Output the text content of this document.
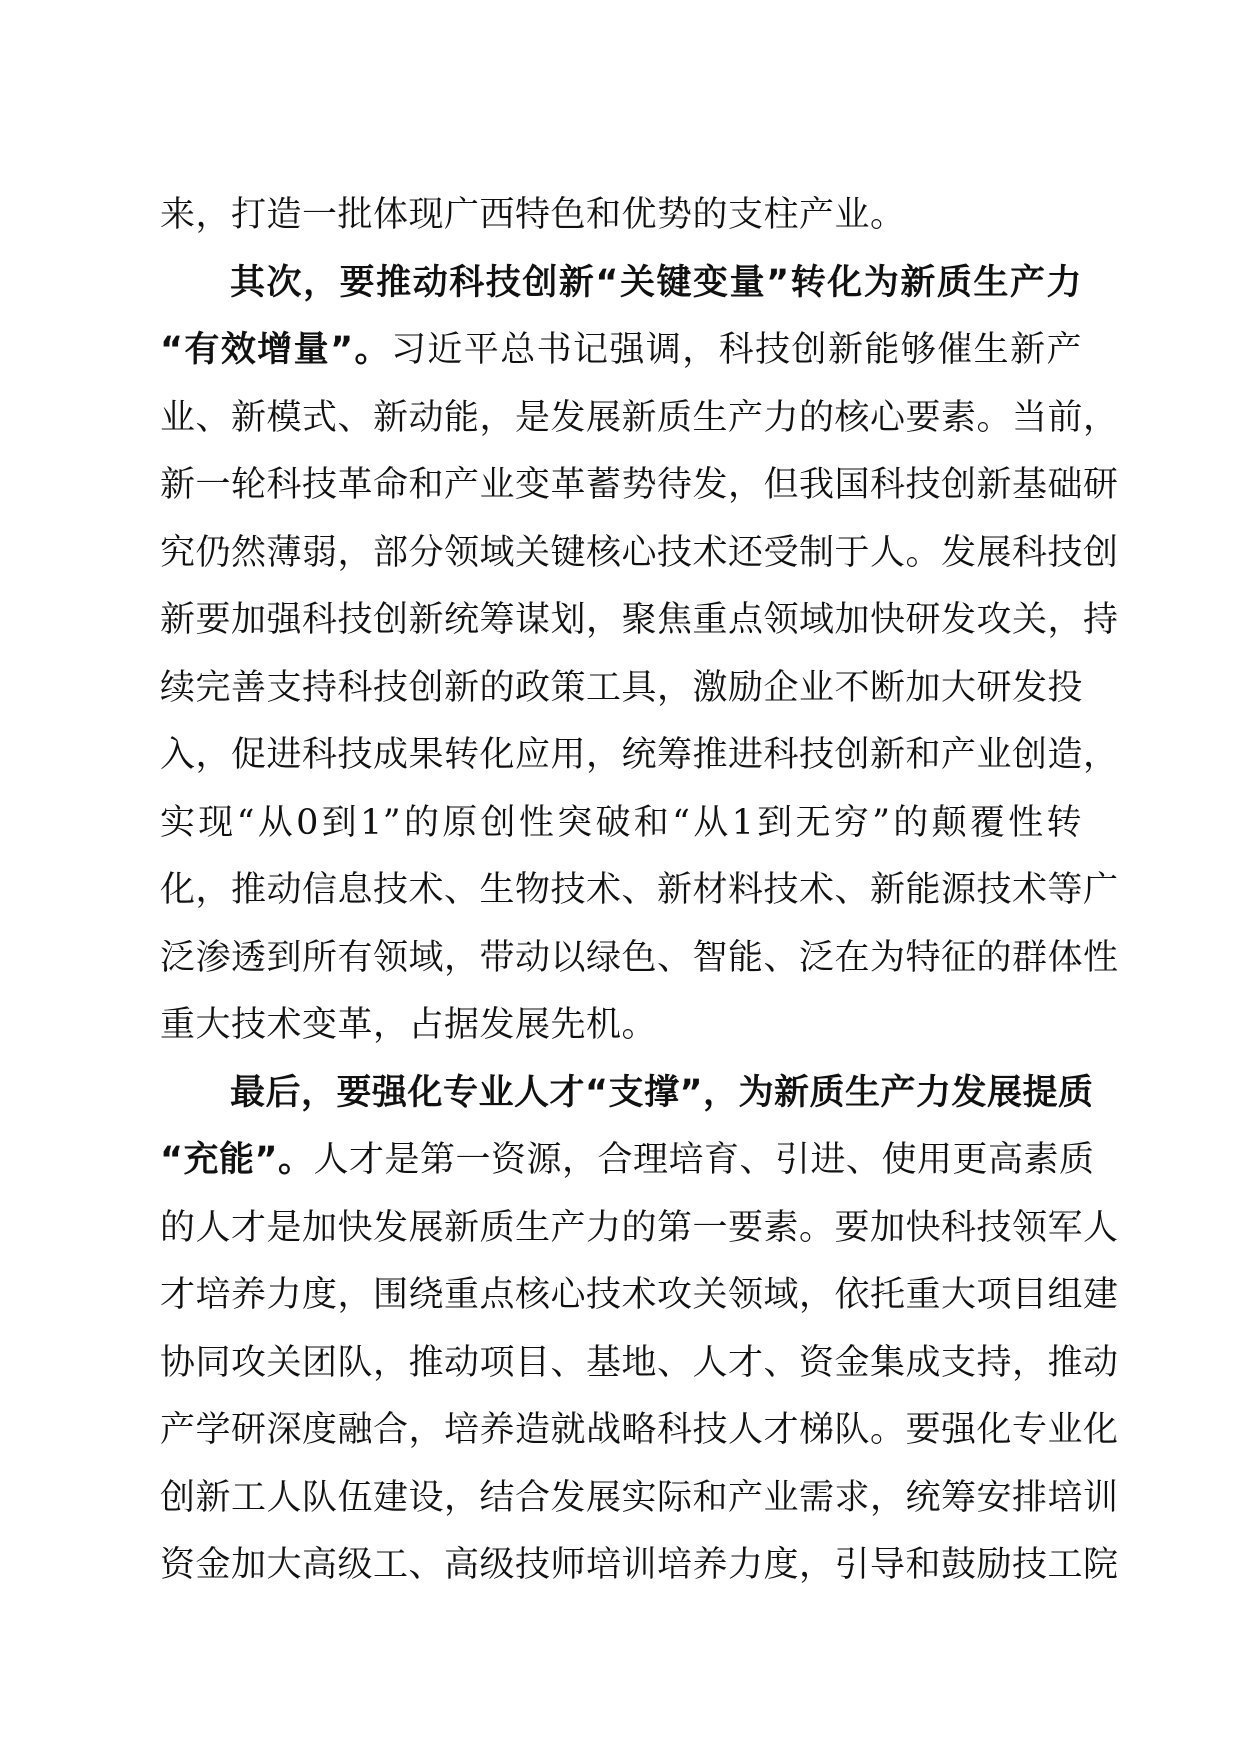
来，打造一批体现广西特色和优势的支柱产业。
其次，要推动科技创新“关键变量”转化为新质生产力
“有效增量”。习近平总书记强调，科技创新能够催生新产
业、新模式、新动能，是发展新质生产力的核心要素。当前，
新一轮科技革命和产业变革蓄势待发，但我国科技创新基础研
究仍然薄弱，部分领域关键核心技术还受制于人。发展科技创
新要加强科技创新统筹谋划，聚焦重点领域加快研发攻关，持
续完善支持科技创新的政策工具，激励企业不断加大研发投
入，促进科技成果转化应用，统筹推进科技创新和产业创造，
实现“从0到1”的原创性突破和“从1到无穷”的颠覆性转
化，推动信息技术、生物技术、新材料技术、新能源技术等广
泛渗透到所有领域，带动以绿色、智能、泛在为特征的群体性
重大技术变革，占据发展先机。
最后，要强化专业人才“支撑”，为新质生产力发展提质
“充能”。人才是第一资源，合理培育、引进、使用更高素质
的人才是加快发展新质生产力的第一要素。要加快科技领军人
才培养力度，围绕重点核心技术攻关领域，依托重大项目组建
协同攻关团队，推动项目、基地、人才、资金集成支持，推动
产学研深度融合，培养造就战略科技人才梯队。要强化专业化
创新工人队伍建设，结合发展实际和产业需求，统筹安排培训
资金加大高级工、高级技师培训培养力度，引导和鼓励技工院
